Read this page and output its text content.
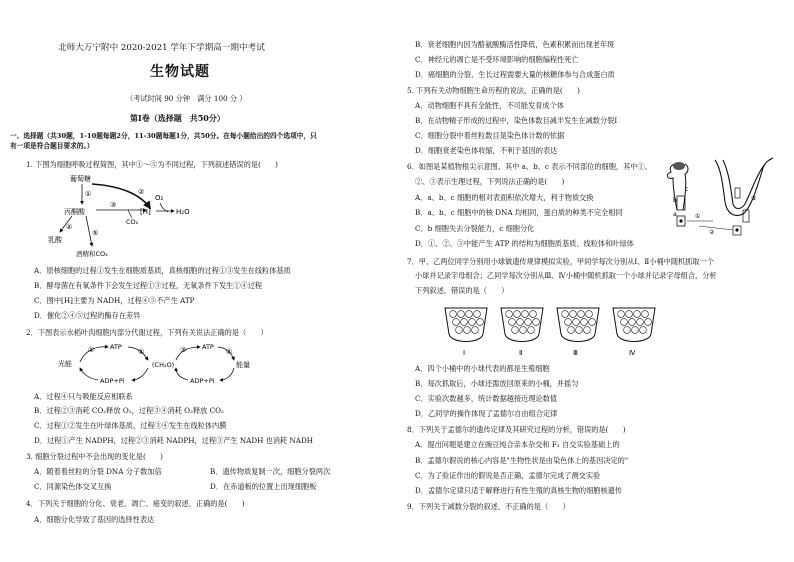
北师大万宁附中 2020-2021 学年下学期高一期中考试
生物试题
（考试时间 90 分钟　满分 100 分 ）
第Ⅰ卷（选择题　共50分）
一、选择题（共30题，1-10题每题2分，11-30题每题1分，共50分。在每小题给出的四个选项中，只
有一项是符合题目要求的。）
1. 下图为细胞呼吸过程简图，其中①～⑤为不同过程，下列叙述错误的是(　　)
葡萄糖
①
丙酮酸
②
③
CO₂
[H]
O₂
H₂O
④
乳酸
⑤
酒精和CO₂
A．原核细胞的过程①发生在细胞质基质，真核细胞的过程①③发生在线粒体基质
B．酵母菌在有氧条件下会发生过程①③过程，无氧条件下发生①④过程
C．图中[H]主要为 NADH，过程④⑤不产生 ATP
D．催化②④⑤过程的酶存在差异
2．下图表示水稻叶肉细胞内部分代谢过程，下列有关说法正确的是（　　）
光能
ATP
ADP+Pi
①	②
(CH₂O)
ATP
ADP+Pi
③	④
能量
A．过程④只与吸能反应相联系
B．过程②③消耗 CO₂释放 O₂，过程③④消耗 O₂释放 CO₂
C．过程①②发生在叶绿体基质，过程③④发生在线粒体内膜
D．过程①产生 NADPH，过程②③消耗 NADPH，过程③产生 NADH 也消耗 NADH
3. 细胞分裂过程中不会出现的变化是(　　)
A．随着着丝粒的分裂 DNA 分子数加倍	B．遗传物质复制一次，细胞分裂两次
C．同源染色体交叉互换	D．在赤道板的位置上出现细胞板
4．下列关于细胞的分化、衰老、凋亡、癌变的叙述，正确的是(　　)
A．细胞分化导致了基因的选择性表达
B．衰老细胞内因为酪氨酸酶活性降低，色素积累而出现老年斑
C．神经元的凋亡是不受环境影响的细胞编程性死亡
D．癌细胞的分裂、生长过程需要大量的核糖体参与合成蛋白质
5. 下列有关动物细胞生命历程的说法，正确的是(　　)
A．动物细胞不具有全能性，不可能发育成个体
B．在动物精子形成的过程中，染色体数目减半发生在减数分裂Ⅰ
C．细胞分裂中着丝粒数目是染色体计数的依据
D．细胞衰老染色体收缩，不利于基因的表达
6．如图是某植物根尖示意图，其中 a、b、c 表示不同部位的细胞，其中①、
②、③表示生理过程，下列说法正确的是(　　)
A．a、b、c 细胞的相对表面积依次增大，利于物质交换
B．a、b、c 细胞中的核 DNA 均相同，蛋白质的种类不完全相同
C．b 细胞失去分裂能力，c 细胞分化
D．①、②、③中能产生 ATP 的结构为细胞质基质、线粒体和叶绿体
c
b
a	①
②
③
7．甲、乙两位同学分别用小球做遗传规律模拟实验，甲同学每次分别从Ⅰ、Ⅱ小桶中随机抓取一个
小球并记录字母组合；乙同学每次分别从Ⅲ、Ⅳ小桶中随机抓取一个小球并记录字母组合，分析
下列叙述，错误的是（　　）
Ⅰ	Ⅱ	Ⅲ	Ⅳ
A．四个小桶中的小球代表的都是生殖细胞
B．每次抓取后，小球还需放回原来的小桶，并摇匀
C．实验次数越多，统计数据越接近理论数值
D．乙同学的操作体现了孟德尔自由组合定律
8．下列关于孟德尔的遗传定律及其研究过程的分析，错误的是(　　)
A．提出问题是建立在豌豆纯合亲本杂交和 F₁ 自交实验基础上的
B．孟德尔假说的核心内容是"生物性状是由染色体上的基因决定的"
C．为了验证作出的假说是否正确，孟德尔完成了测交实验
D．孟德尔定律只适于解释进行有性生殖的真核生物的细胞核遗传
9．下列关于减数分裂的叙述，不正确的是（　　）
